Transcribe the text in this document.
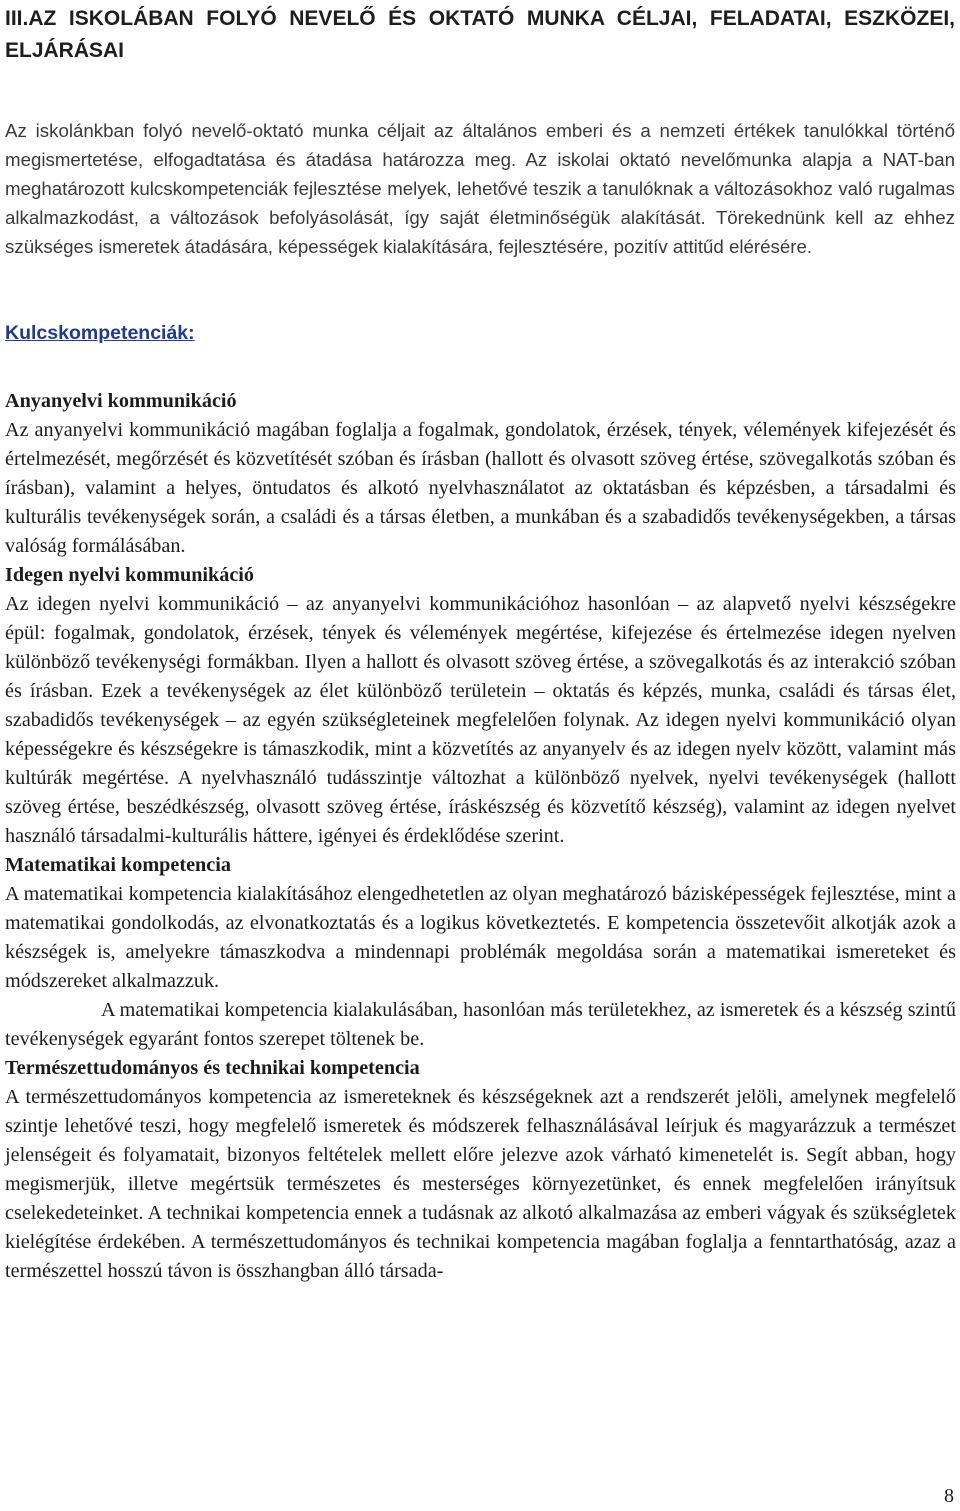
III.AZ ISKOLÁBAN FOLYÓ NEVELŐ ÉS OKTATÓ MUNKA CÉLJAI, FELADATAI, ESZKÖZEI, ELJÁRÁSAI

Az iskolánkban folyó nevelő-oktató munka céljait az általános emberi és a nemzeti értékek tanulókkal történő megismertetése, elfogadtatása és átadása határozza meg. Az iskolai oktató nevelőmunka alapja a NAT-ban meghatározott kulcskompetenciák fejlesztése melyek, lehetővé teszik a tanulóknak a változásokhoz való rugalmas alkalmazkodást, a változások befolyásolását, így saját életminőségük alakítását. Törekednünk kell az ehhez szükséges ismeretek átadására, képességek kialakítására, fejlesztésére, pozitív attitűd elérésére.

Kulcskompetenciák:
Anyanyelvi kommunikáció

Az anyanyelvi kommunikáció magában foglalja a fogalmak, gondolatok, érzések, tények, vélemények kifejezését és értelmezését, megőrzését és közvetítését szóban és írásban (hallott és olvasott szöveg értése, szövegalkotás szóban és írásban), valamint a helyes, öntudatos és alkotó nyelvhasználatot az oktatásban és képzésben, a társadalmi és kulturális tevékenységek során, a családi és a társas életben, a munkában és a szabadidős tevékenységekben, a társas valóság formálásában.

Idegen nyelvi kommunikáció

Az idegen nyelvi kommunikáció – az anyanyelvi kommunikációhoz hasonlóan – az alapvető nyelvi készségekre épül: fogalmak, gondolatok, érzések, tények és vélemények megértése, kifejezése és értelmezése idegen nyelven különböző tevékenységi formákban. Ilyen a hallott és olvasott szöveg értése, a szövegalkotás és az interakció szóban és írásban. Ezek a tevékenységek az élet különböző területein – oktatás és képzés, munka, családi és társas élet, szabadidős tevékenységek – az egyén szükségleteinek megfelelően folynak. Az idegen nyelvi kommunikáció olyan képességekre és készségekre is támaszkodik, mint a közvetítés az anyanyelv és az idegen nyelv között, valamint más kultúrák megértése. A nyelvhasználó tudásszintje változhat a különböző nyelvek, nyelvi tevékenységek (hallott szöveg értése, beszédkészség, olvasott szöveg értése, íráskészség és közvetítő készség), valamint az idegen nyelvet használó társadalmi-kulturális háttere, igényei és érdeklődése szerint.

Matematikai kompetencia

A matematikai kompetencia kialakításához elengedhetetlen az olyan meghatározó bázisképességek fejlesztése, mint a matematikai gondolkodás, az elvonatkoztatás és a logikus következtetés. E kompetencia összetevőit alkotják azok a készségek is, amelyekre támaszkodva a mindennapi problémák megoldása során a matematikai ismereteket és módszereket alkalmazzuk.

A matematikai kompetencia kialakulásában, hasonlóan más területekhez, az ismeretek és a készség szintű tevékenységek egyaránt fontos szerepet töltenek be.

Természettudományos és technikai kompetencia

A természettudományos kompetencia az ismereteknek és készségeknek azt a rendszerét jelöli, amelynek megfelelő szintje lehetővé teszi, hogy megfelelő ismeretek és módszerek felhasználásával leírjuk és magyarázzuk a természet jelenségeit és folyamatait, bizonyos feltételek mellett előre jelezve azok várható kimenetelét is. Segít abban, hogy megismerjük, illetve megértsük természetes és mesterséges környezetünket, és ennek megfelelően irányítsuk cselekedeteinket. A technikai kompetencia ennek a tudásnak az alkotó alkalmazása az emberi vágyak és szükségletek kielégítése érdekében. A természettudományos és technikai kompetencia magában foglalja a fenntarthatóság, azaz a természettel hosszú távon is összhangban álló társada-

8
